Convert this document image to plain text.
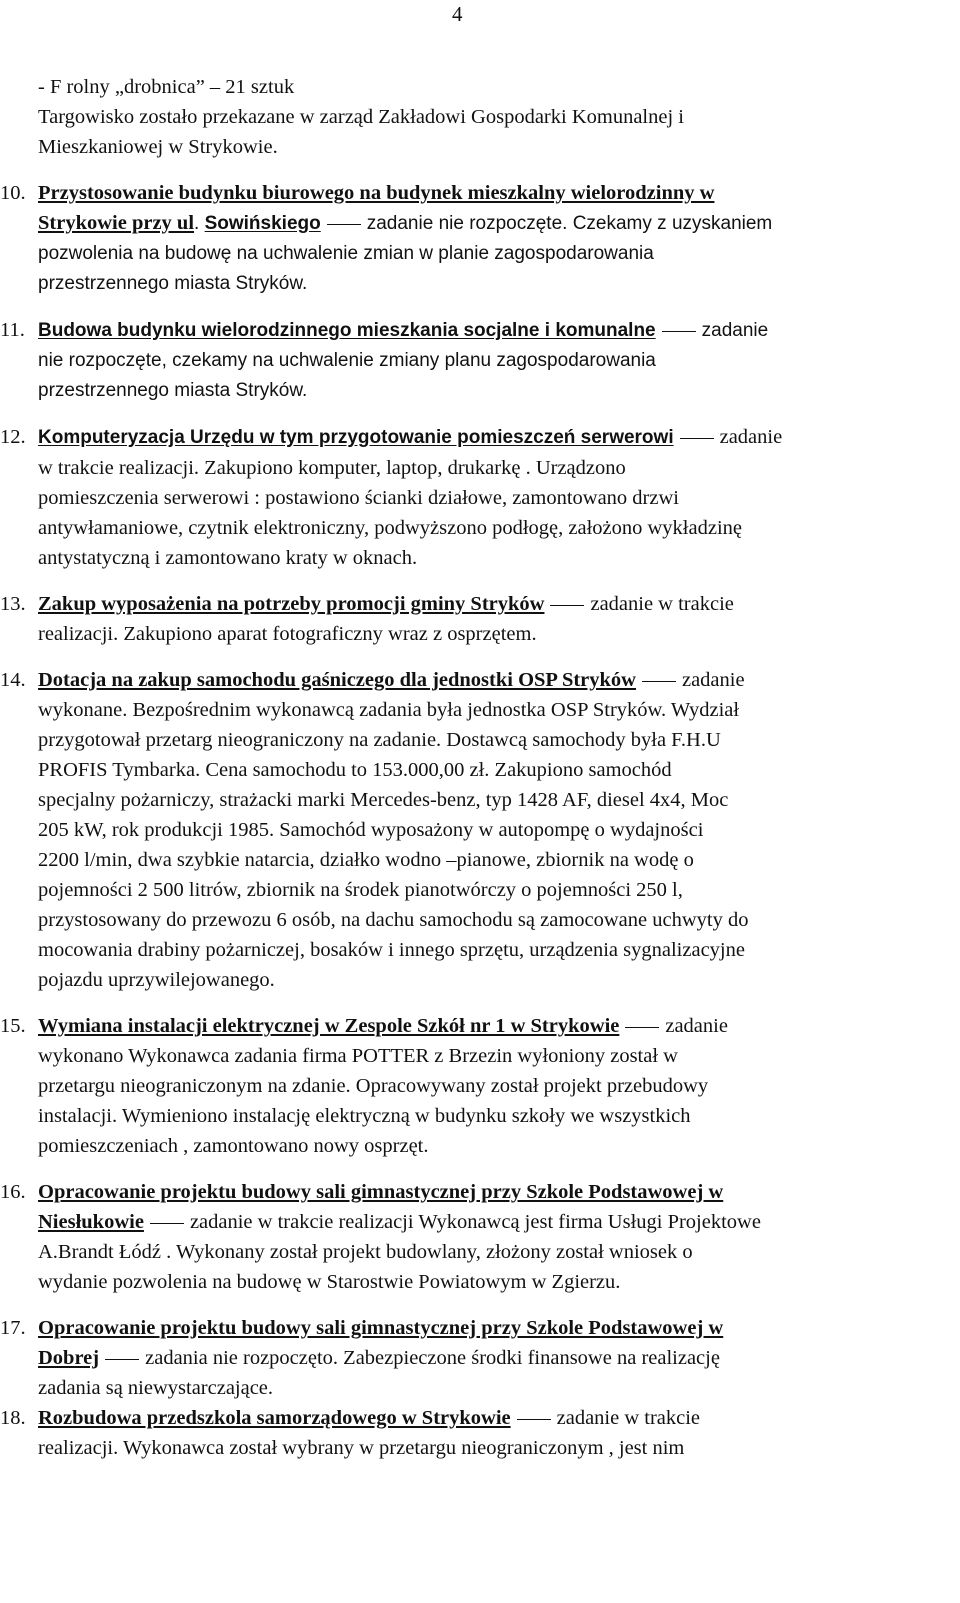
4
- F rolny „drobnica” – 21 sztuk
Targowisko zostało przekazane w zarząd Zakładowi Gospodarki Komunalnej i
Mieszkaniowej w Strykowie.
10. Przystosowanie budynku biurowego na budynek mieszkalny wielorodzinny w
Strykowie przy ul. Sowińskiego zadanie nie rozpoczęte. Czekamy z uzyskaniem
pozwolenia na budowę na uchwalenie zmian w planie zagospodarowania
przestrzennego miasta Stryków.
11. Budowa budynku wielorodzinnego mieszkania socjalne i komunalne zadanie
nie rozpoczęte, czekamy na uchwalenie zmiany planu zagospodarowania
przestrzennego miasta Stryków.
12. Komputeryzacja Urzędu w tym przygotowanie pomieszczeń serwerowi zadanie
w trakcie realizacji. Zakupiono komputer, laptop, drukarkę . Urządzono
pomieszczenia serwerowi : postawiono ścianki działowe, zamontowano drzwi
antywłamaniowe, czytnik elektroniczny, podwyższono podłogę, założono wykładzinę
antystatyczną i zamontowano kraty w oknach.
13. Zakup wyposażenia na potrzeby promocji gminy Stryków zadanie w trakcie
realizacji. Zakupiono aparat fotograficzny wraz z osprzętem.
14. Dotacja na zakup samochodu gaśniczego dla jednostki OSP Stryków zadanie
wykonane. Bezpośrednim wykonawcą zadania była jednostka OSP Stryków. Wydział
przygotował przetarg nieograniczony na zadanie. Dostawcą samochody była F.H.U
PROFIS Tymbarka. Cena samochodu to 153.000,00 zł. Zakupiono samochód
specjalny pożarniczy, strażacki marki Mercedes-benz, typ 1428 AF, diesel 4x4, Moc
205 kW, rok produkcji 1985. Samochód wyposażony w autopompę o wydajności
2200 l/min, dwa szybkie natarcia, działko wodno –pianowe, zbiornik na wodę o
pojemności 2 500 litrów, zbiornik na środek pianotwórczy o pojemności 250 l,
przystosowany do przewozu 6 osób, na dachu samochodu są zamocowane uchwyty do
mocowania drabiny pożarniczej, bosaków i innego sprzętu, urządzenia sygnalizacyjne
pojazdu uprzywilejowanego.
15. Wymiana instalacji elektrycznej w Zespole Szkół nr 1 w Strykowie zadanie
wykonano Wykonawca zadania firma POTTER z Brzezin wyłoniony został w
przetargu nieograniczonym na zdanie. Opracowywany został projekt przebudowy
instalacji. Wymieniono instalację elektryczną w budynku szkoły we wszystkich
pomieszczeniach , zamontowano nowy osprzęt.
16. Opracowanie projektu budowy sali gimnastycznej przy Szkole Podstawowej w
Niesłukowie zadanie w trakcie realizacji Wykonawcą jest firma Usługi Projektowe
A.Brandt Łódź . Wykonany został projekt budowlany, złożony został wniosek o
wydanie pozwolenia na budowę w Starostwie Powiatowym w Zgierzu.
17. Opracowanie projektu budowy sali gimnastycznej przy Szkole Podstawowej w
Dobrej zadania nie rozpoczęto. Zabezpieczone środki finansowe na realizację
zadania są niewystarczające.
18. Rozbudowa przedszkola samorządowego w Strykowie zadanie w trakcie
realizacji. Wykonawca został wybrany w przetargu nieograniczonym , jest nim
